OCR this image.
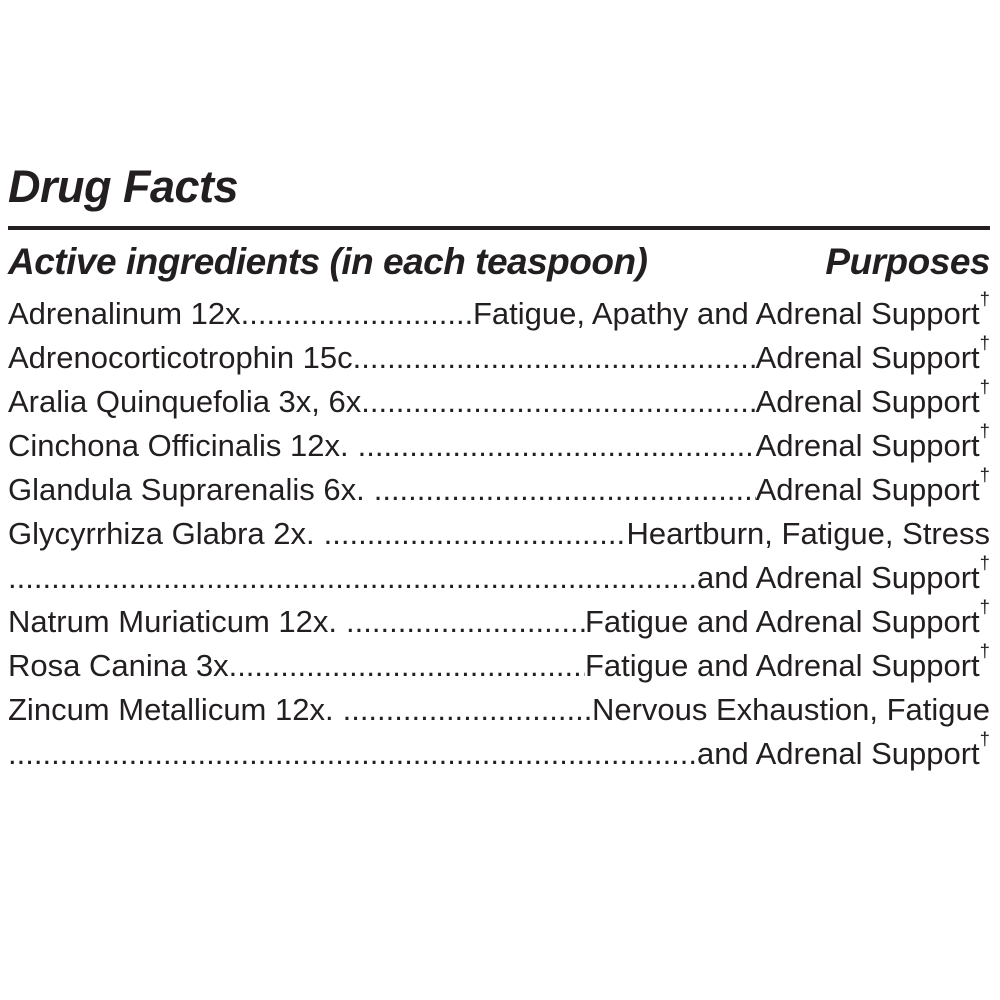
Drug Facts
Active ingredients (in each teaspoon)	Purposes
Adrenalinum 12x .....	Fatigue, Apathy and Adrenal Support†
Adrenocorticotrophin 15c .....	Adrenal Support†
Aralia Quinquefolia 3x, 6x .....	Adrenal Support†
Cinchona Officinalis 12x. .....	Adrenal Support†
Glandula Suprarenalis 6x. .....	Adrenal Support†
Glycyrrhiza Glabra 2x. .....	Heartburn, Fatigue, Stress
.....
and Adrenal Support†
Natrum Muriaticum 12x. .....	Fatigue and Adrenal Support†
Rosa Canina 3x. .....	Fatigue and Adrenal Support†
Zincum Metallicum 12x. .....	Nervous Exhaustion, Fatigue
.....
and Adrenal Support†
